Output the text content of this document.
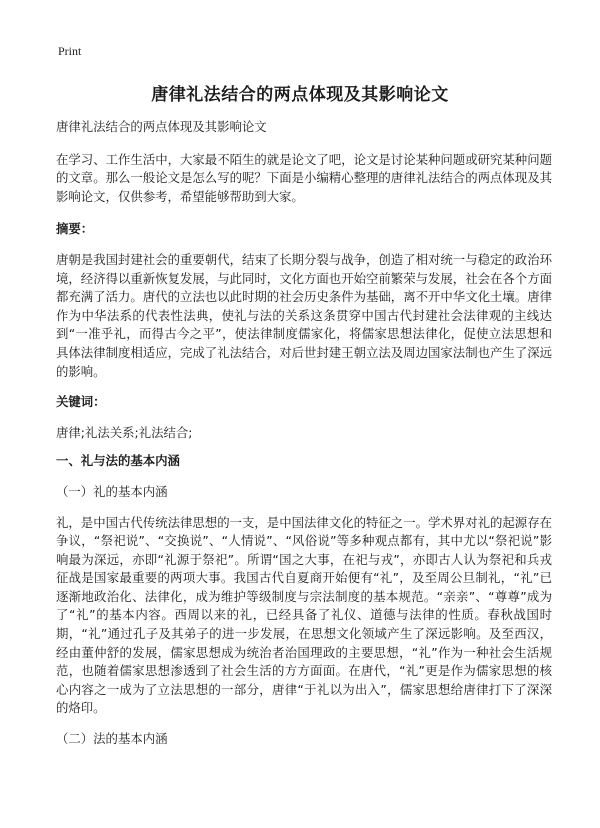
Print
唐律礼法结合的两点体现及其影响论文

唐律礼法结合的两点体现及其影响论文

在学习、工作生活中，大家最不陌生的就是论文了吧，论文是讨论某种问题或研究某种问题的文章。那么一般论文是怎么写的呢？下面是小编精心整理的唐律礼法结合的两点体现及其影响论文，仅供参考，希望能够帮助到大家。

摘要：

唐朝是我国封建社会的重要朝代，结束了长期分裂与战争，创造了相对统一与稳定的政治环境，经济得以重新恢复发展，与此同时，文化方面也开始空前繁荣与发展，社会在各个方面都充满了活力。唐代的立法也以此时期的社会历史条件为基础，离不开中华文化土壤。唐律作为中华法系的代表性法典，使礼与法的关系这条贯穿中国古代封建社会法律观的主线达到“一准乎礼，而得古今之平”，使法律制度儒家化，将儒家思想法律化，促使立法思想和具体法律制度相适应，完成了礼法结合，对后世封建王朝立法及周边国家法制也产生了深远的影响。

关键词：

唐律;礼法关系;礼法结合;

一、礼与法的基本内涵

（一）礼的基本内涵

礼，是中国古代传统法律思想的一支，是中国法律文化的特征之一。学术界对礼的起源存在争议，“祭祀说”、“交换说”、“人情说”、“风俗说”等多种观点都有，其中尤以“祭祀说”影响最为深远，亦即“礼源于祭祀”。所谓“国之大事，在祀与戎”，亦即古人认为祭祀和兵戎征战是国家最重要的两项大事。我国古代自夏商开始便有“礼”，及至周公旦制礼，“礼”已逐渐地政治化、法律化，成为维护等级制度与宗法制度的基本规范。“亲亲”、“尊尊”成为了“礼”的基本内容。西周以来的礼，已经具备了礼仪、道德与法律的性质。春秋战国时期，“礼”通过孔子及其弟子的进一步发展，在思想文化领域产生了深远影响。及至西汉，经由董仲舒的发展，儒家思想成为统治者治国理政的主要思想，“礼”作为一种社会生活规范，也随着儒家思想渗透到了社会生活的方方面面。在唐代，“礼”更是作为儒家思想的核心内容之一成为了立法思想的一部分，唐律“于礼以为出入”，儒家思想给唐律打下了深深的烙印。

（二）法的基本内涵
